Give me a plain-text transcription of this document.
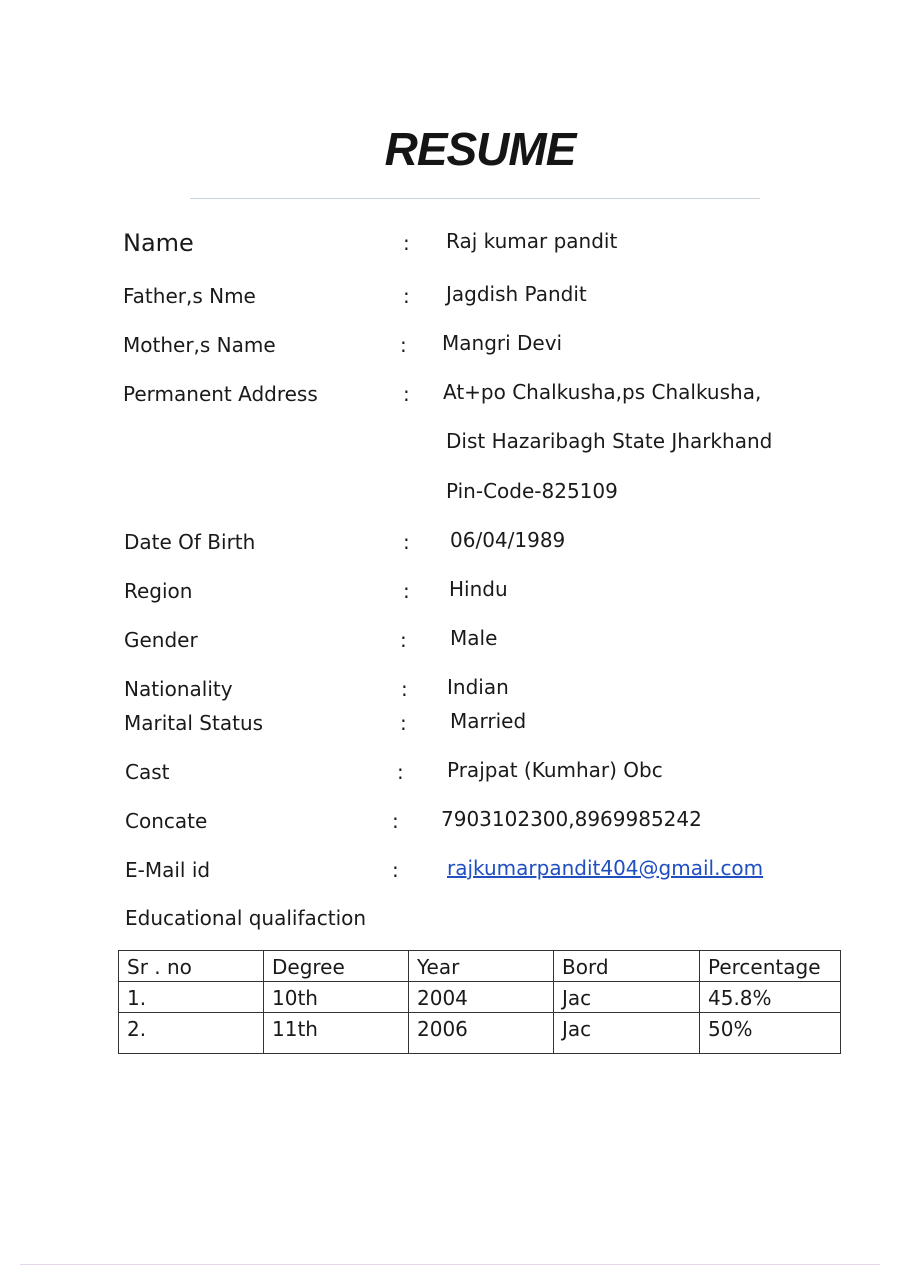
RESUME
Name	: Raj kumar pandit
Father,s Nme	: Jagdish Pandit
Mother,s Name	: Mangri Devi
Permanent Address	: At+po Chalkusha,ps Chalkusha,
Dist Hazaribagh State Jharkhand
Pin-Code-825109
Date Of Birth	: 06/04/1989
Region	: Hindu
Gender	: Male
Nationality	: Indian
Marital Status	: Married
Cast	: Prajpat (Kumhar) Obc
Concate	: 7903102300,8969985242
E-Mail id	: rajkumarpandit404@gmail.com
Educational qualifaction
Sr . no	Degree	Year	Bord	Percentage
1.	10th	2004	Jac	45.8%
2.	11th	2006	Jac	50%
